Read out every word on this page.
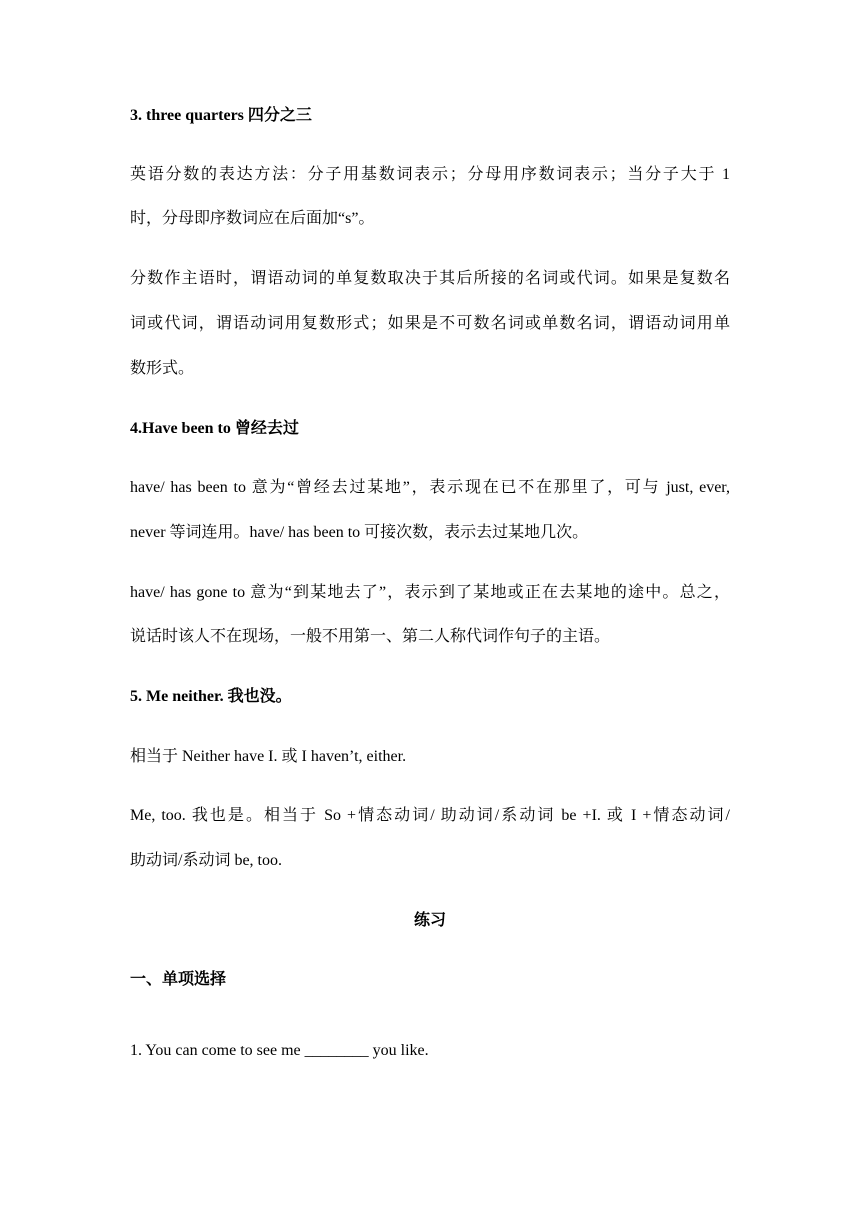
3. three quarters 四分之三
英语分数的表达方法：分子用基数词表示；分母用序数词表示；当分子大于 1
时，分母即序数词应在后面加“s”。
分数作主语时，谓语动词的单复数取决于其后所接的名词或代词。如果是复数名
词或代词，谓语动词用复数形式；如果是不可数名词或单数名词，谓语动词用单
数形式。
4.Have been to 曾经去过
have/ has been to 意为“曾经去过某地”，表示现在已不在那里了，可与 just, ever,
never 等词连用。have/ has been to 可接次数，表示去过某地几次。
have/ has gone to 意为“到某地去了”，表示到了某地或正在去某地的途中。总之，
说话时该人不在现场，一般不用第一、第二人称代词作句子的主语。
5. Me neither. 我也没。
相当于 Neither have I. 或 I haven’t, either.
Me, too. 我也是。相当于 So +情态动词/ 助动词/系动词 be +I. 或 I +情态动词/
助动词/系动词 be, too.
练习
一、单项选择
1. You can come to see me ________ you like.
